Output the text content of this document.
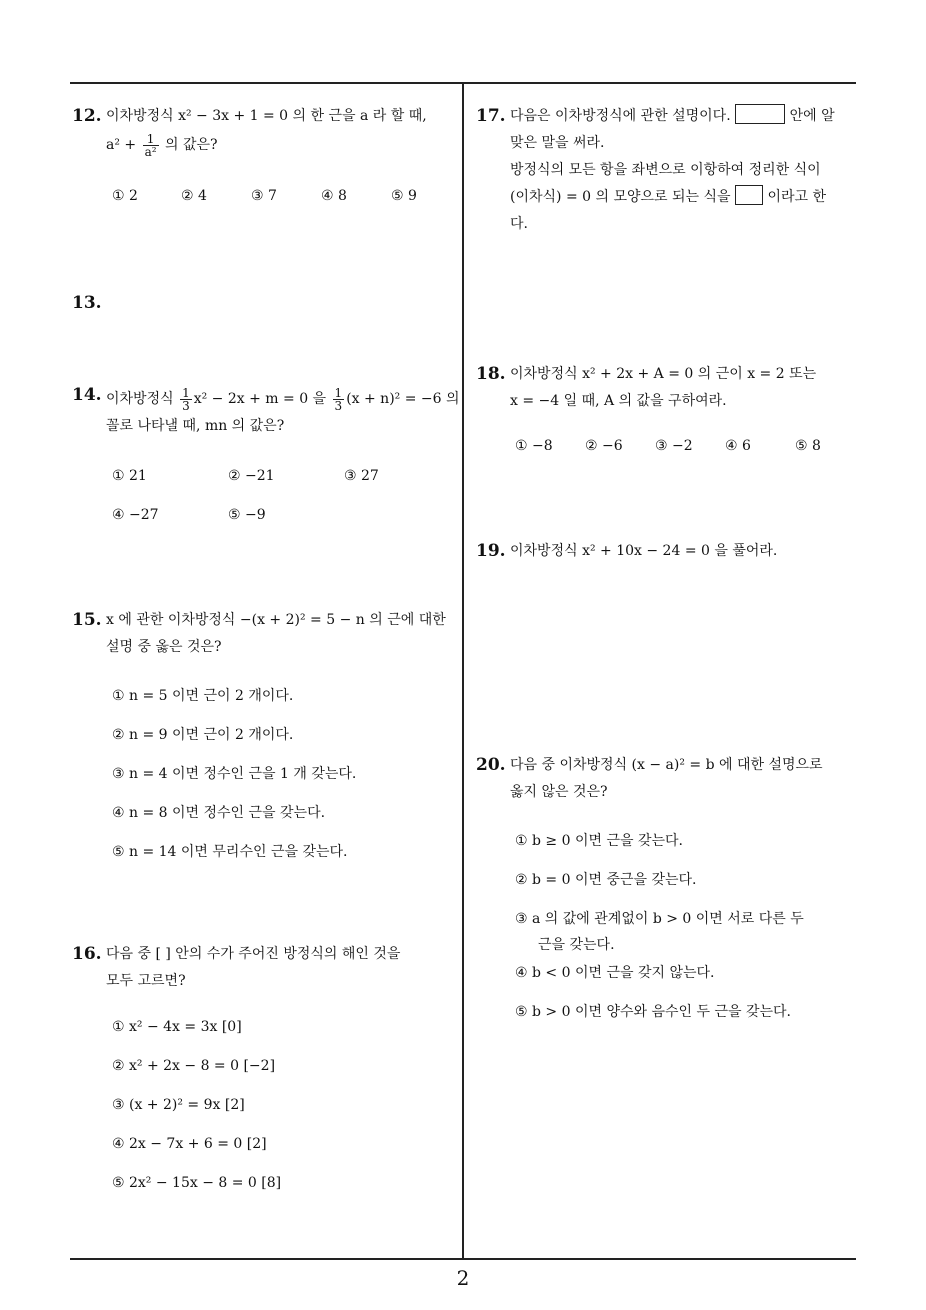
12. 이차방정식 x² − 3x + 1 = 0 의 한 근을 a 라 할 때,
$a^2 + \frac{1}{\text{a²}}$ 의 값은?
① 2	② 4	③ 7	④ 8	⑤ 9
13.
14. 이차방정식 $\frac{1}{3} x^2 - 2x + m = 0$ 을 $\frac{1}{3} (x + n)^2 = -6$ 의
꼴로 나타낼 때, mn 의 값은?
① 21	② −21	③ 27
④ −27	⑤ −9
15. x 에 관한 이차방정식 −(x + 2)² = 5 − n 의 근에 대한
설명 중 옳은 것은?
① n = 5 이면 근이 2 개이다.
② n = 9 이면 근이 2 개이다.
③ n = 4 이면 정수인 근을 1 개 갖는다.
④ n = 8 이면 정수인 근을 갖는다.
⑤ n = 14 이면 무리수인 근을 갖는다.
16. 다음 중 [ ] 안의 수가 주어진 방정식의 해인 것을
모두 고르면?
① x² − 4x = 3x [0]
② x² + 2x − 8 = 0 [−2]
③ (x + 2)² = 9x [2]
④ 2x − 7x + 6 = 0 [2]
⑤ 2x² − 15x − 8 = 0 [8]
17. 다음은 이차방정식에 관한 설명이다.	안에 알
맞은 말을 써라.
방정식의 모든 항을 좌변으로 이항하여 정리한 식이
(이차식) = 0 의 모양으로 되는 식을	이라고 한
다.
18. 이차방정식 x² + 2x + A = 0 의 근이 x = 2 또는
x = −4 일 때, A 의 값을 구하여라.
① −8 ② −6 ③ −2 ④ 6	⑤ 8
19. 이차방정식 x² + 10x − 24 = 0 을 풀어라.
20. 다음 중 이차방정식 (x − a)² = b 에 대한 설명으로
옳지 않은 것은?
① b ≥ 0 이면 근을 갖는다.
② b = 0 이면 중근을 갖는다.
③ a 의 값에 관계없이 b > 0 이면 서로 다른 두
근을 갖는다.
④ b < 0 이면 근을 갖지 않는다.
⑤ b > 0 이면 양수와 음수인 두 근을 갖는다.
2
